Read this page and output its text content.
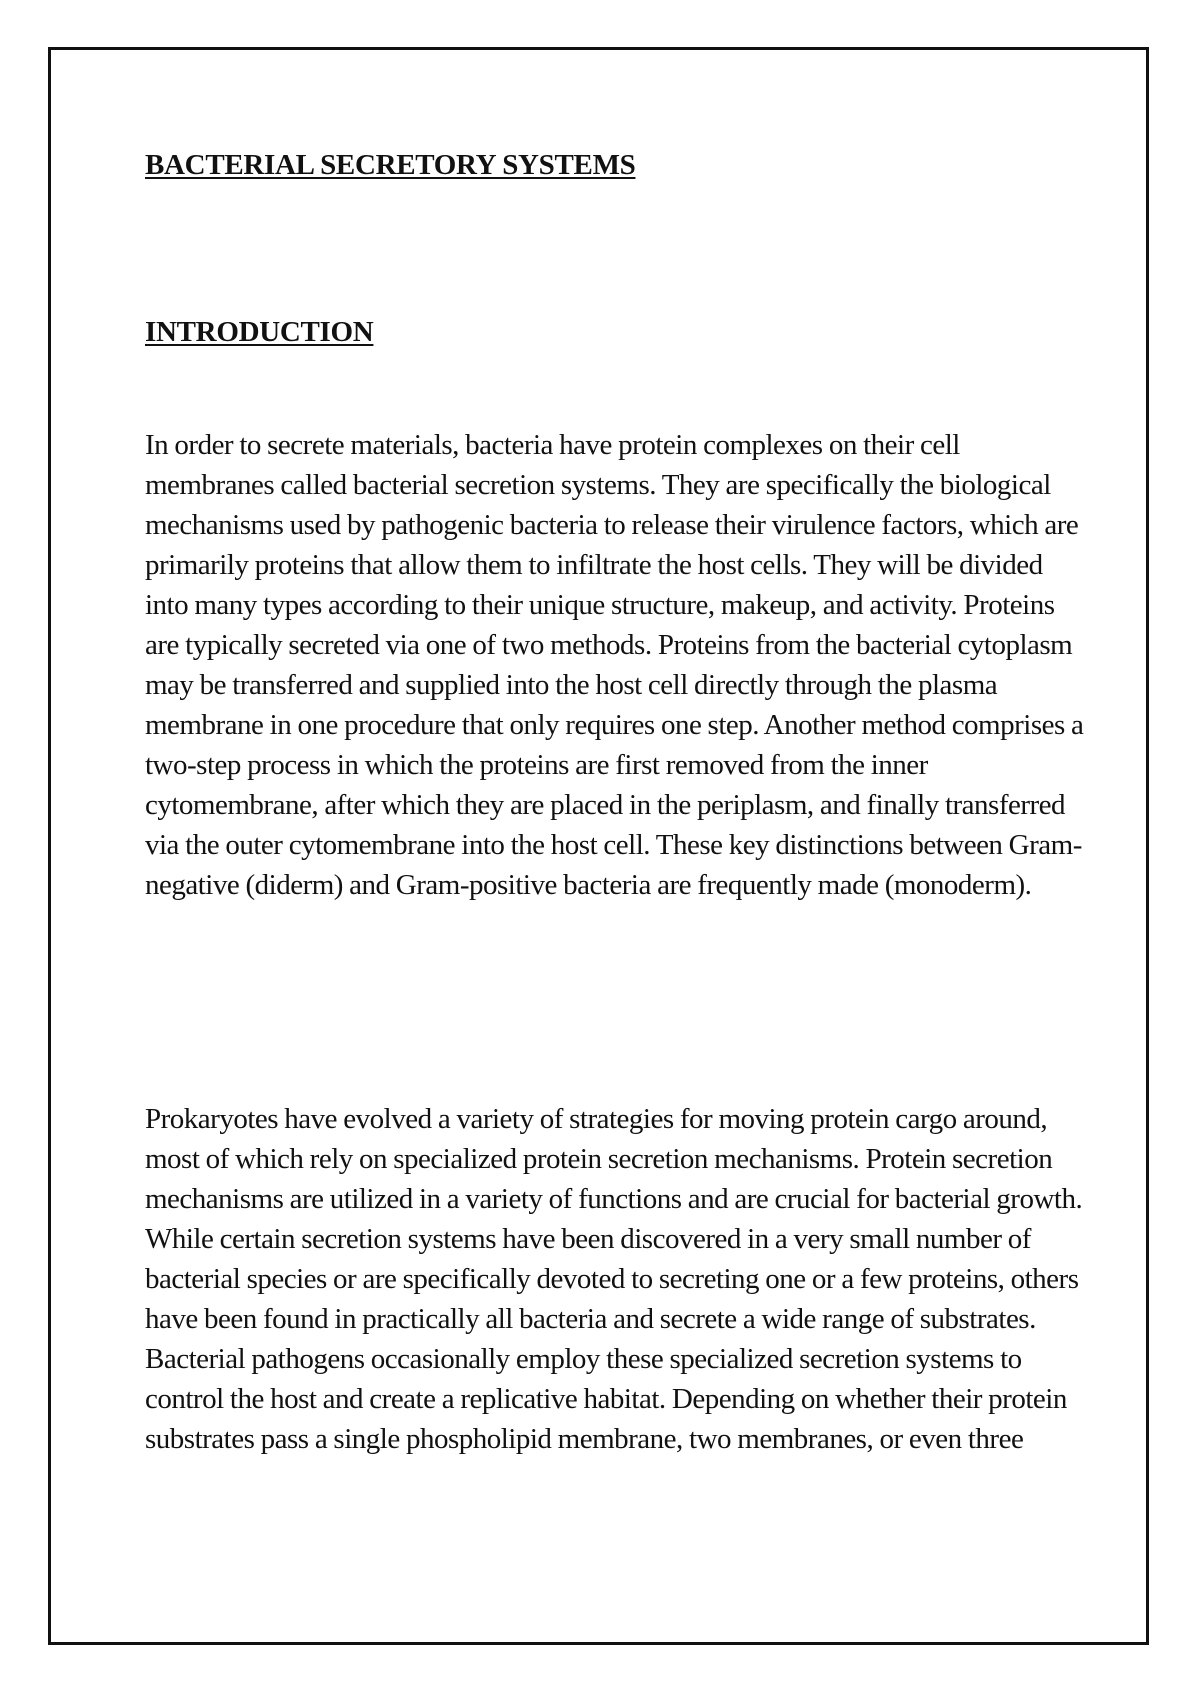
BACTERIAL SECRETORY SYSTEMS
INTRODUCTION

In order to secrete materials, bacteria have protein complexes on their cell membranes called bacterial secretion systems. They are specifically the biological mechanisms used by pathogenic bacteria to release their virulence factors, which are primarily proteins that allow them to infiltrate the host cells. They will be divided into many types according to their unique structure, makeup, and activity. Proteins are typically secreted via one of two methods. Proteins from the bacterial cytoplasm may be transferred and supplied into the host cell directly through the plasma membrane in one procedure that only requires one step. Another method comprises a two-step process in which the proteins are first removed from the inner cytomembrane, after which they are placed in the periplasm, and finally transferred via the outer cytomembrane into the host cell. These key distinctions between Gram-negative (diderm) and Gram-positive bacteria are frequently made (monoderm).

Prokaryotes have evolved a variety of strategies for moving protein cargo around, most of which rely on specialized protein secretion mechanisms. Protein secretion mechanisms are utilized in a variety of functions and are crucial for bacterial growth. While certain secretion systems have been discovered in a very small number of bacterial species or are specifically devoted to secreting one or a few proteins, others have been found in practically all bacteria and secrete a wide range of substrates. Bacterial pathogens occasionally employ these specialized secretion systems to control the host and create a replicative habitat. Depending on whether their protein substrates pass a single phospholipid membrane, two membranes, or even three
